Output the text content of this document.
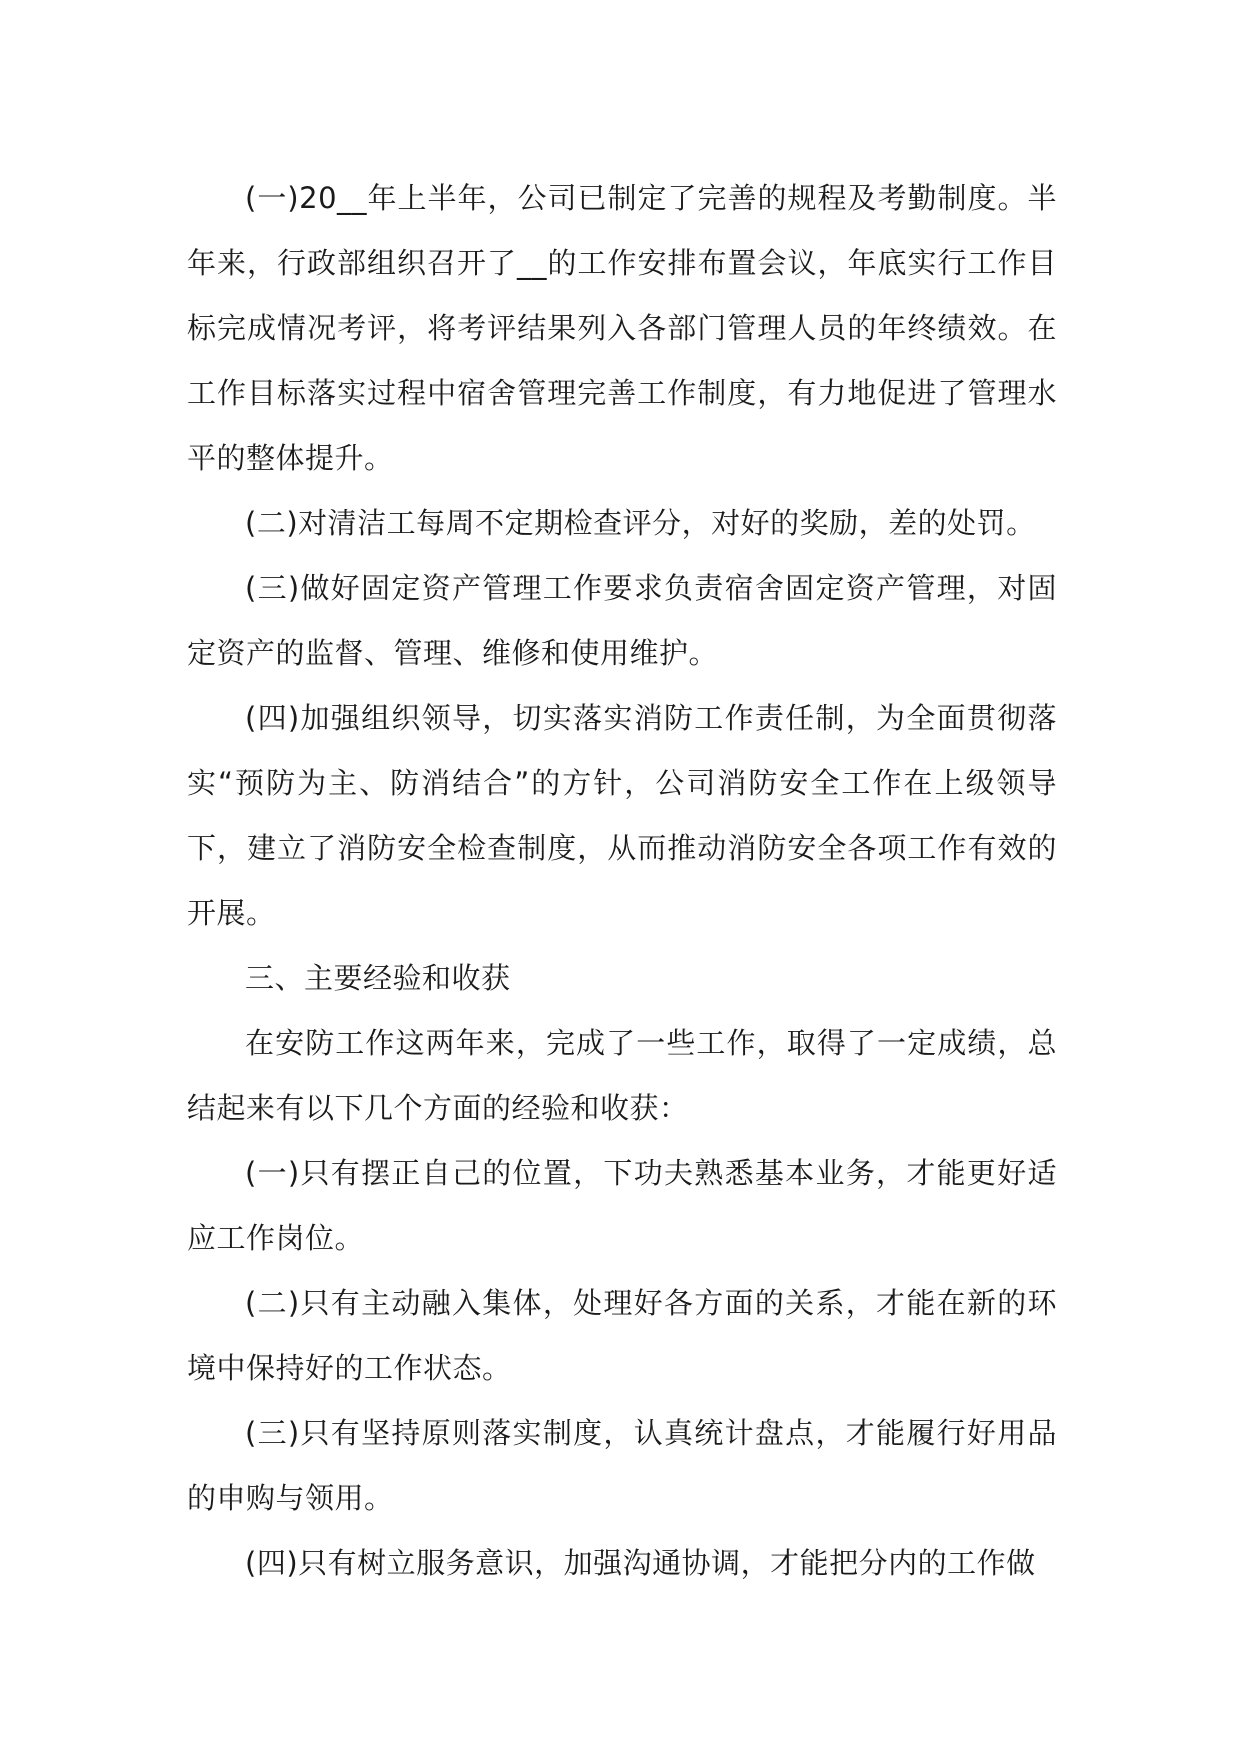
(一)20__年上半年，公司已制定了完善的规程及考勤制度。半年来，行政部组织召开了__的工作安排布置会议，年底实行工作目标完成情况考评，将考评结果列入各部门管理人员的年终绩效。在工作目标落实过程中宿舍管理完善工作制度，有力地促进了管理水平的整体提升。

(二)对清洁工每周不定期检查评分，对好的奖励，差的处罚。

(三)做好固定资产管理工作要求负责宿舍固定资产管理，对固定资产的监督、管理、维修和使用维护。

(四)加强组织领导，切实落实消防工作责任制，为全面贯彻落实“预防为主、防消结合”的方针，公司消防安全工作在上级领导下，建立了消防安全检查制度，从而推动消防安全各项工作有效的开展。

三、主要经验和收获

在安防工作这两年来，完成了一些工作，取得了一定成绩，总结起来有以下几个方面的经验和收获：

(一)只有摆正自己的位置，下功夫熟悉基本业务，才能更好适应工作岗位。

(二)只有主动融入集体，处理好各方面的关系，才能在新的环境中保持好的工作状态。

(三)只有坚持原则落实制度，认真统计盘点，才能履行好用品的申购与领用。

(四)只有树立服务意识，加强沟通协调，才能把分内的工作做
